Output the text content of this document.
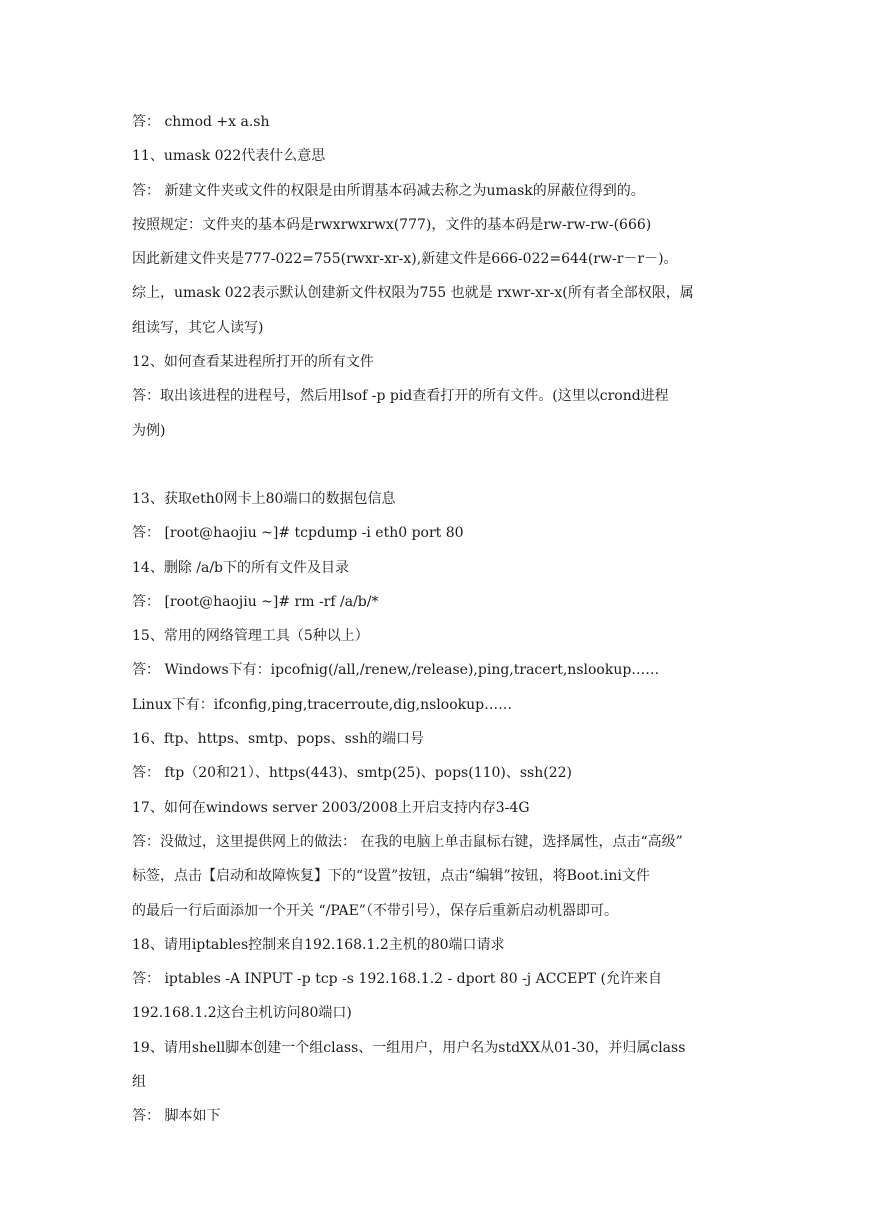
答： chmod +x a.sh
11、umask 022代表什么意思
答： 新建文件夹或文件的权限是由所谓基本码减去称之为umask的屏蔽位得到的。
按照规定：文件夹的基本码是rwxrwxrwx(777)，文件的基本码是rw-rw-rw-(666)
因此新建文件夹是777-022=755(rwxr-xr-x),新建文件是666-022=644(rw-r－r－)。
综上，umask 022表示默认创建新文件权限为755 也就是 rxwr-xr-x(所有者全部权限，属
组读写，其它人读写)
12、如何查看某进程所打开的所有文件
答：取出该进程的进程号，然后用lsof -p pid查看打开的所有文件。(这里以crond进程
为例)
13、获取eth0网卡上80端口的数据包信息
答： [root@haojiu ~]# tcpdump -i eth0 port 80
14、删除 /a/b下的所有文件及目录
答： [root@haojiu ~]# rm -rf /a/b/*
15、常用的网络管理工具（5种以上）
答： Windows下有：ipcofnig(/all,/renew,/release),ping,tracert,nslookup……
Linux下有：ifconfig,ping,tracerroute,dig,nslookup……
16、ftp、https、smtp、pops、ssh的端口号
答： ftp（20和21）、https(443)、smtp(25)、pops(110)、ssh(22)
17、如何在windows server 2003/2008上开启支持内存3-4G
答：没做过，这里提供网上的做法： 在我的电脑上单击鼠标右键，选择属性，点击“高级”
标签，点击【启动和故障恢复】下的“设置”按钮，点击“编辑”按钮，将Boot.ini文件
的最后一行后面添加一个开关 “/PAE”（不带引号），保存后重新启动机器即可。
18、请用iptables控制来自192.168.1.2主机的80端口请求
答： iptables -A INPUT -p tcp -s 192.168.1.2 - dport 80 -j ACCEPT (允许来自
192.168.1.2这台主机访问80端口)
19、请用shell脚本创建一个组class、一组用户，用户名为stdXX从01-30，并归属class
组
答： 脚本如下
